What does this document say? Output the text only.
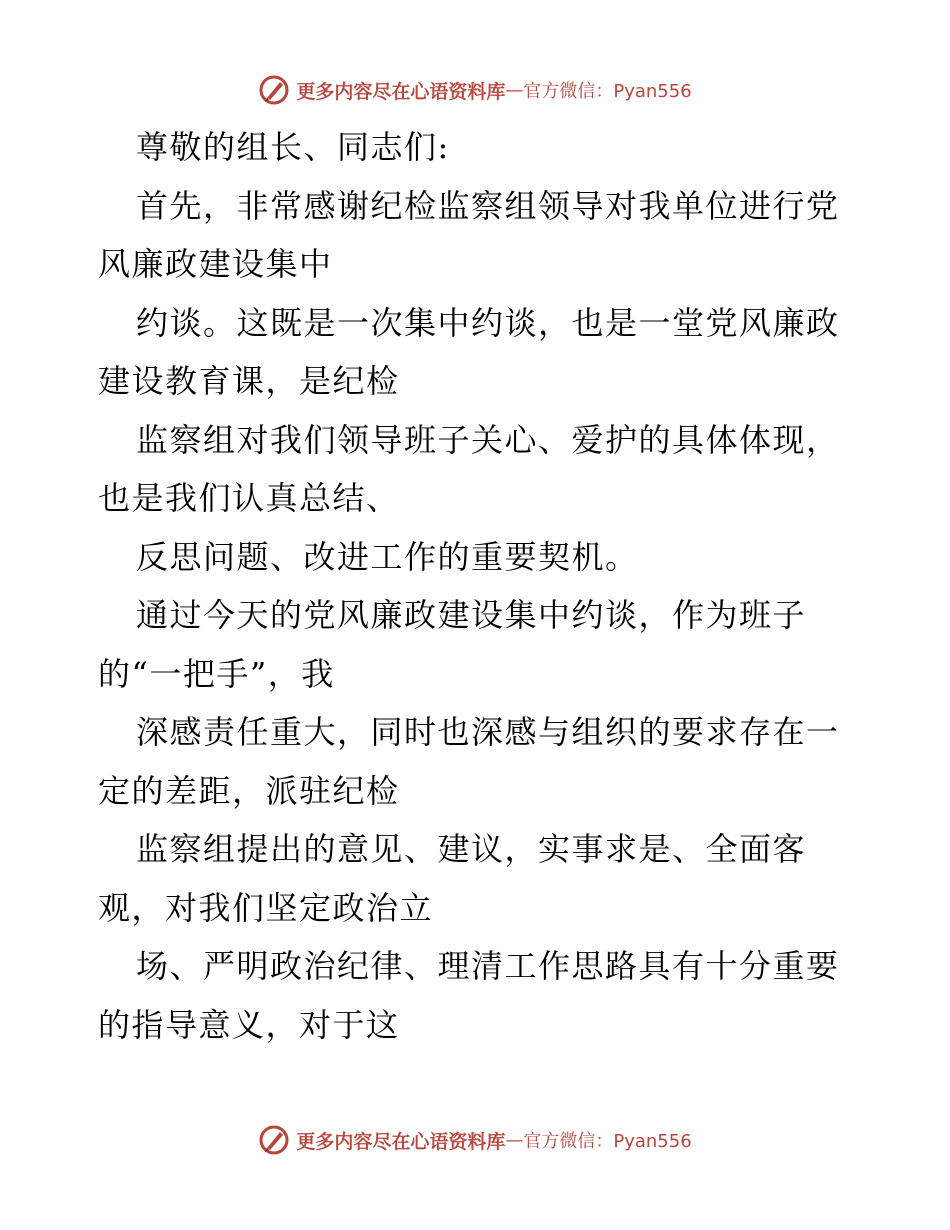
更多内容尽在心语资料库 — 官方微信：Pyan556
尊敬的组长、同志们:
首先，非常感谢纪检监察组领导对我单位进行党
风廉政建设集中
约谈。这既是一次集中约谈，也是一堂党风廉政
建设教育课，是纪检
监察组对我们领导班子关心、爱护的具体体现，
也是我们认真总结、
反思问题、改进工作的重要契机。
通过今天的党风廉政建设集中约谈，作为班子
的“一把手”，我
深感责任重大，同时也深感与组织的要求存在一
定的差距，派驻纪检
监察组提出的意见、建议，实事求是、全面客
观，对我们坚定政治立
场、严明政治纪律、理清工作思路具有十分重要
的指导意义，对于这
更多内容尽在心语资料库 — 官方微信：Pyan556
